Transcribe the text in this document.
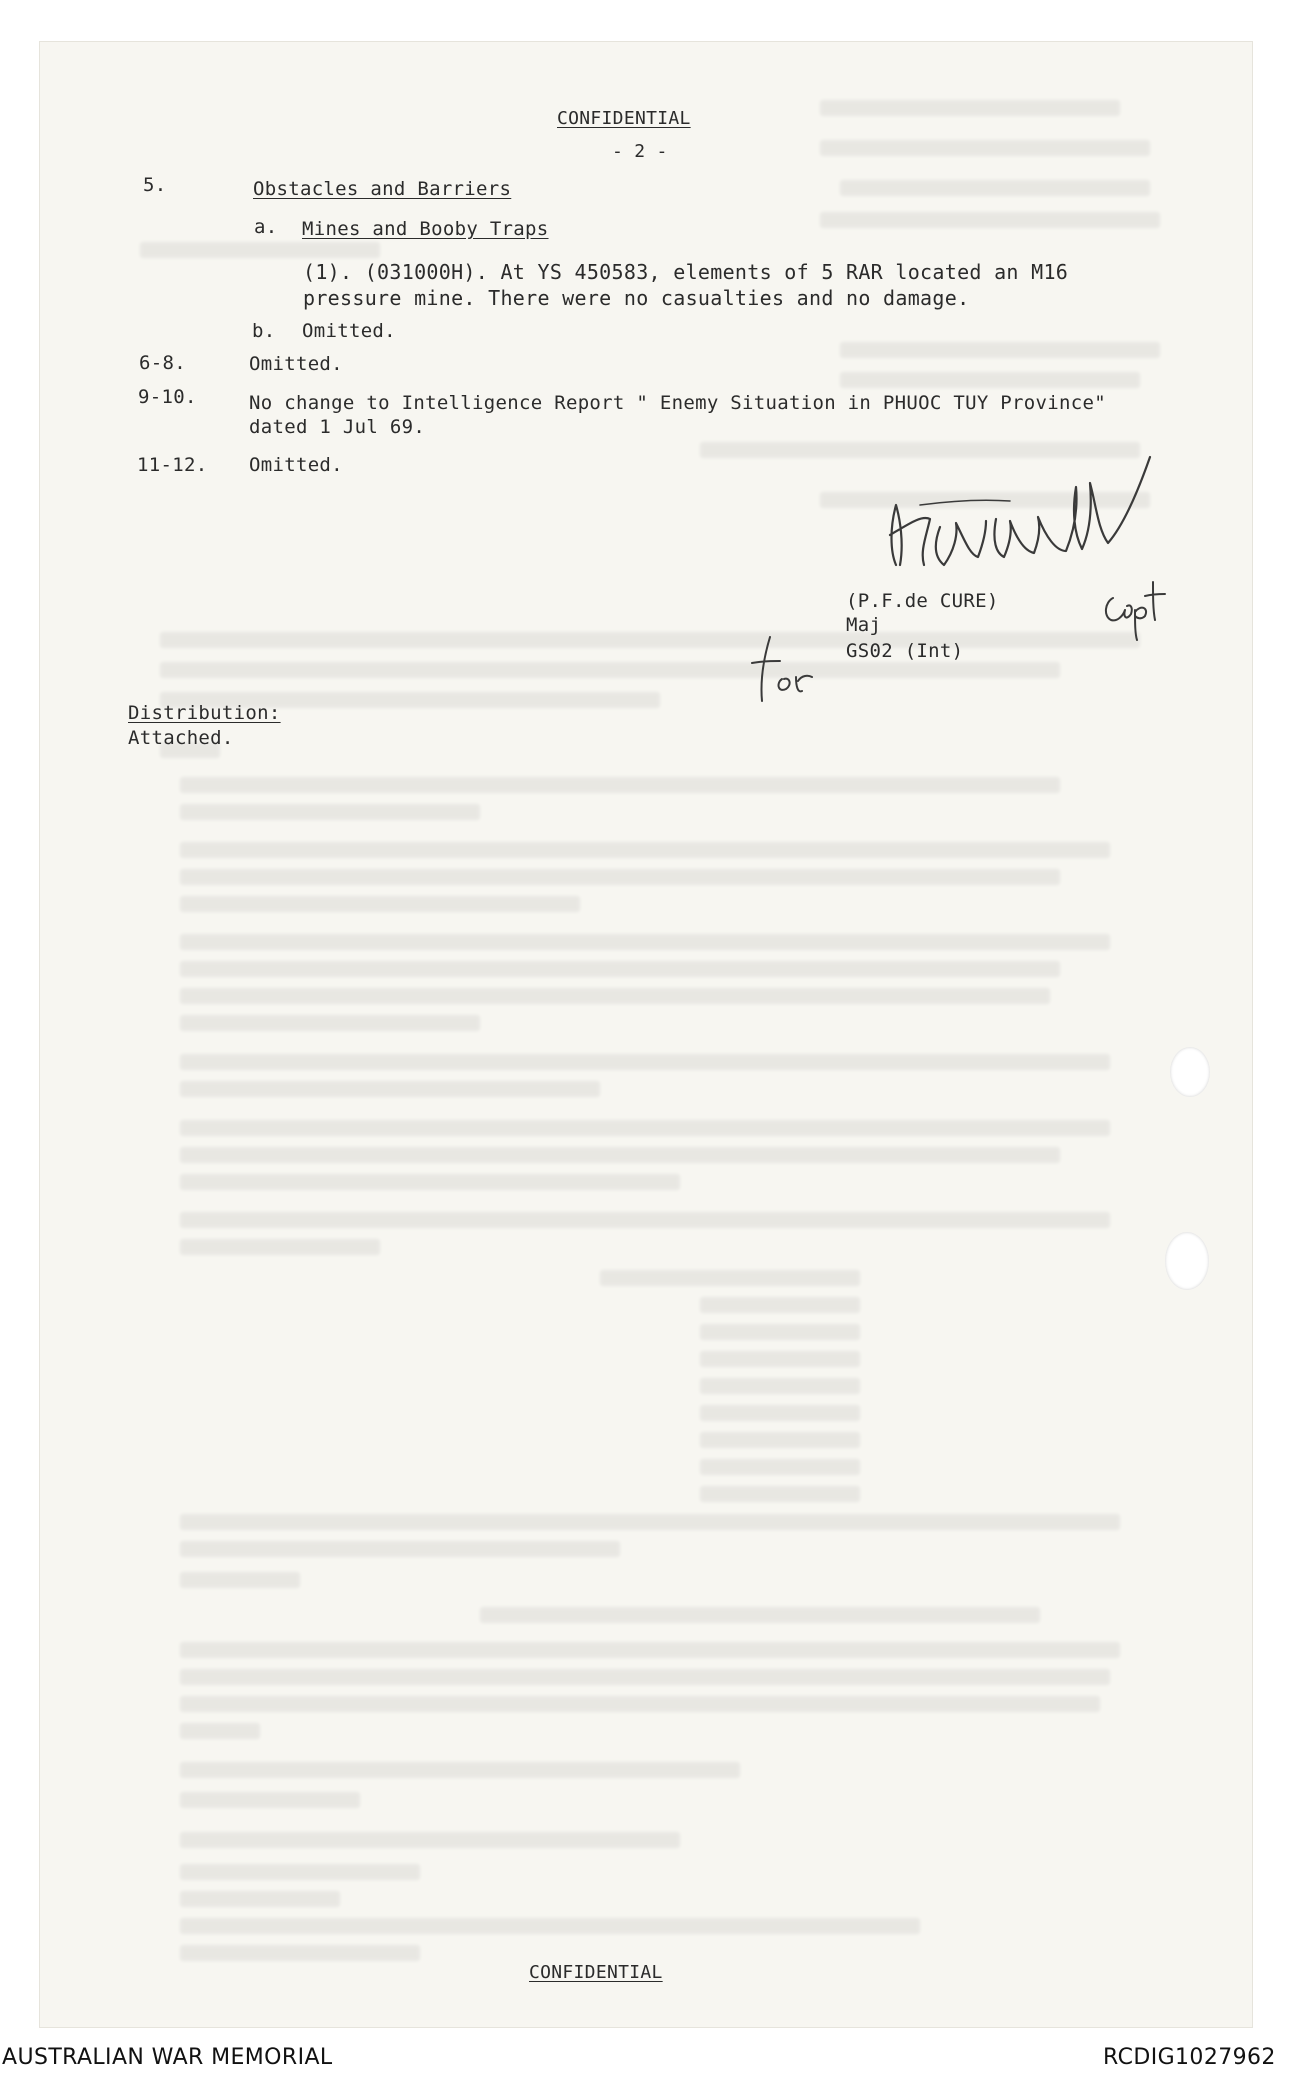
CONFIDENTIAL
- 2 -
5.	Obstacles and Barriers
a. Mines and Booby Traps
(1). (031000H). At YS 450583, elements of 5 RAR located an M16
pressure mine. There were no casualties and no damage.
b. Omitted.
6-8.	Omitted.
9-10.	No change to Intelligence Report " Enemy Situation in PHUOC TUY Province"
dated 1 Jul 69.
11-12. Omitted.
(P.F.de CURE)
Maj
GS02 (Int)
Distribution:
Attached.
CONFIDENTIAL
AUSTRALIAN WAR MEMORIAL	RCDIG1027962
